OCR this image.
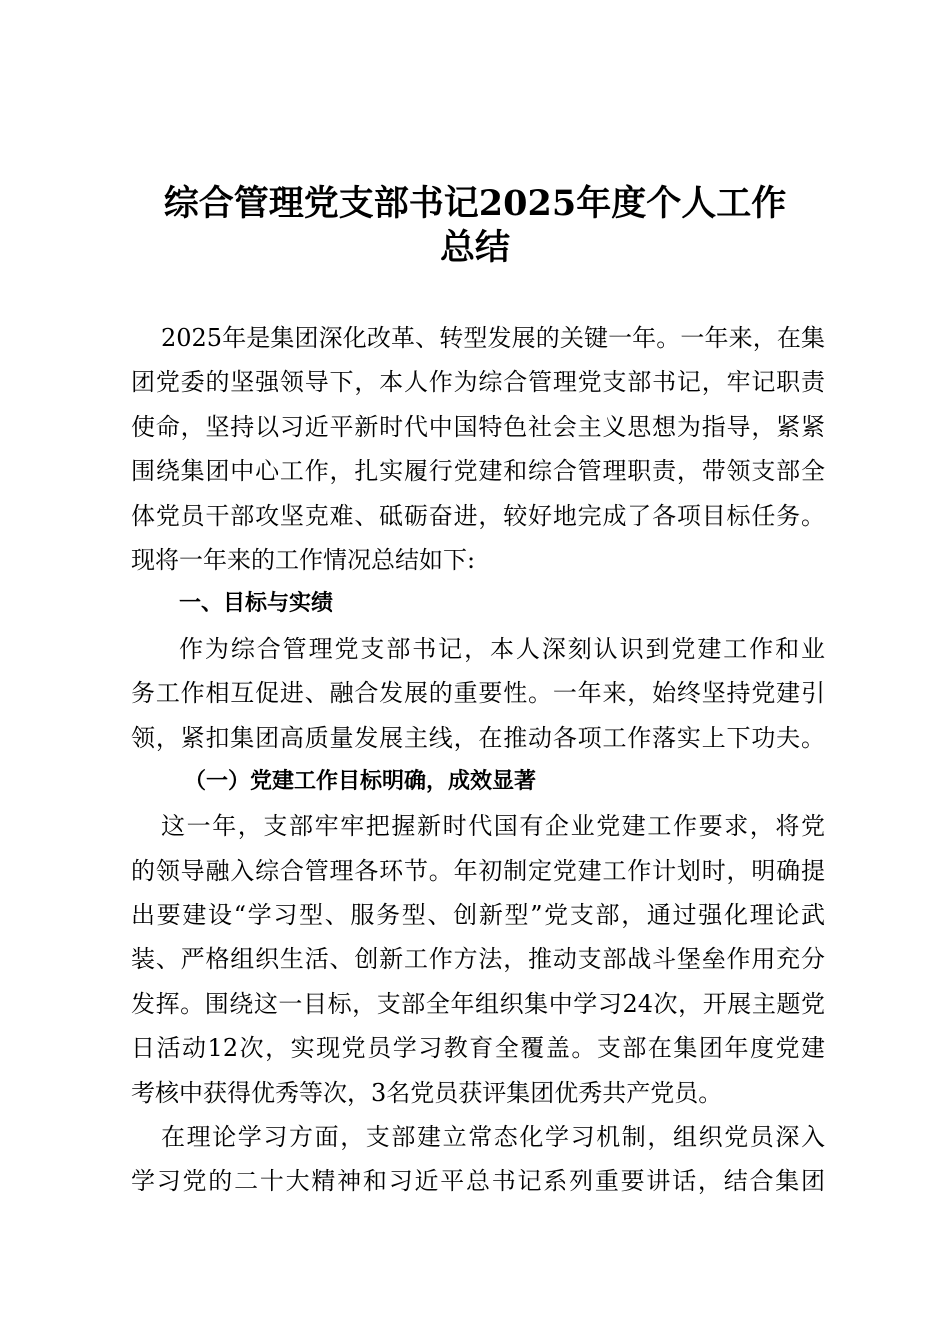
综合管理党支部书记2025年度个人工作
总结
2025年是集团深化改革、转型发展的关键一年。一年来，在集
团党委的坚强领导下，本人作为综合管理党支部书记，牢记职责
使命，坚持以习近平新时代中国特色社会主义思想为指导，紧紧
围绕集团中心工作，扎实履行党建和综合管理职责，带领支部全
体党员干部攻坚克难、砥砺奋进，较好地完成了各项目标任务。
现将一年来的工作情况总结如下:
一、目标与实绩
作为综合管理党支部书记，本人深刻认识到党建工作和业
务工作相互促进、融合发展的重要性。一年来，始终坚持党建引
领，紧扣集团高质量发展主线，在推动各项工作落实上下功夫。
（一）党建工作目标明确，成效显著
这一年，支部牢牢把握新时代国有企业党建工作要求，将党
的领导融入综合管理各环节。年初制定党建工作计划时，明确提
出要建设“学习型、服务型、创新型”党支部，通过强化理论武
装、严格组织生活、创新工作方法，推动支部战斗堡垒作用充分
发挥。围绕这一目标，支部全年组织集中学习24次，开展主题党
日活动12次，实现党员学习教育全覆盖。支部在集团年度党建
考核中获得优秀等次，3名党员获评集团优秀共产党员。
在理论学习方面，支部建立常态化学习机制，组织党员深入
学习党的二十大精神和习近平总书记系列重要讲话，结合集团
